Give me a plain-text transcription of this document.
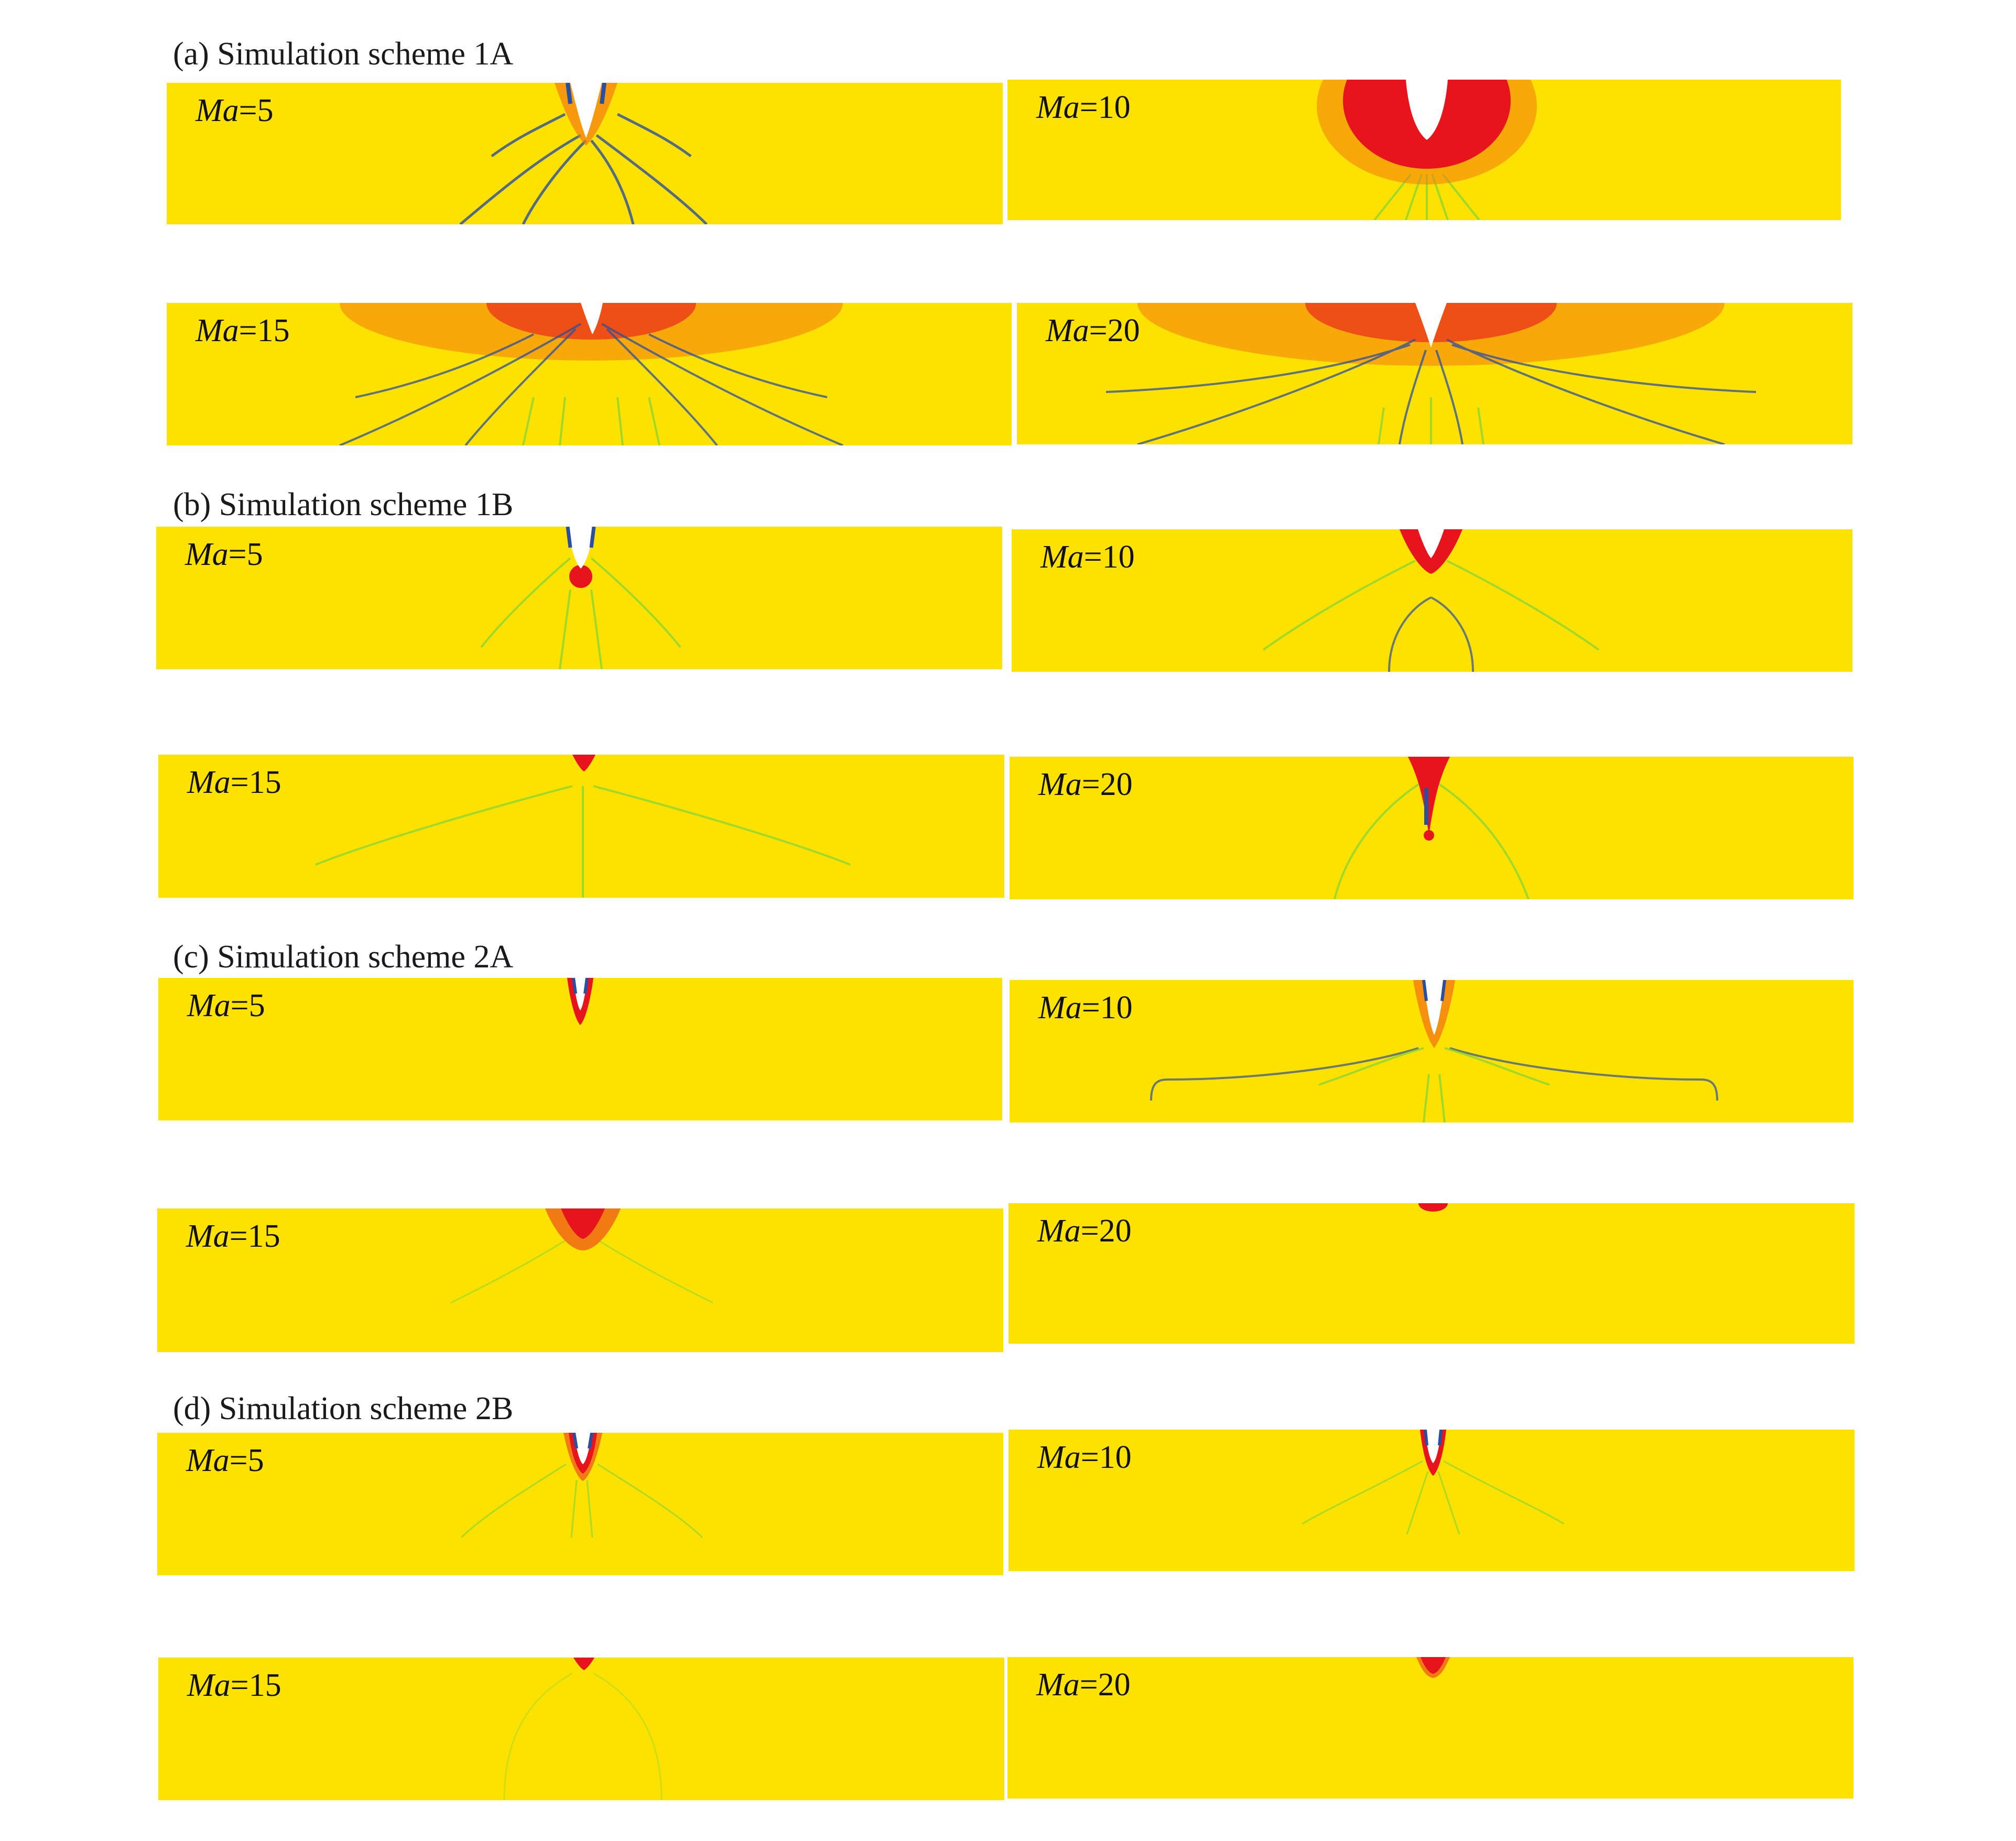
(a) Simulation scheme 1A
(b) Simulation scheme 1B
(c) Simulation scheme 2A
(d) Simulation scheme 2B
Ma=5	Ma=10
Ma=15	Ma=20
Ma=5	Ma=10
Ma=15	Ma=20
Ma=5	Ma=10
Ma=15	Ma=20
Ma=5	Ma=10
Ma=15	Ma=20
